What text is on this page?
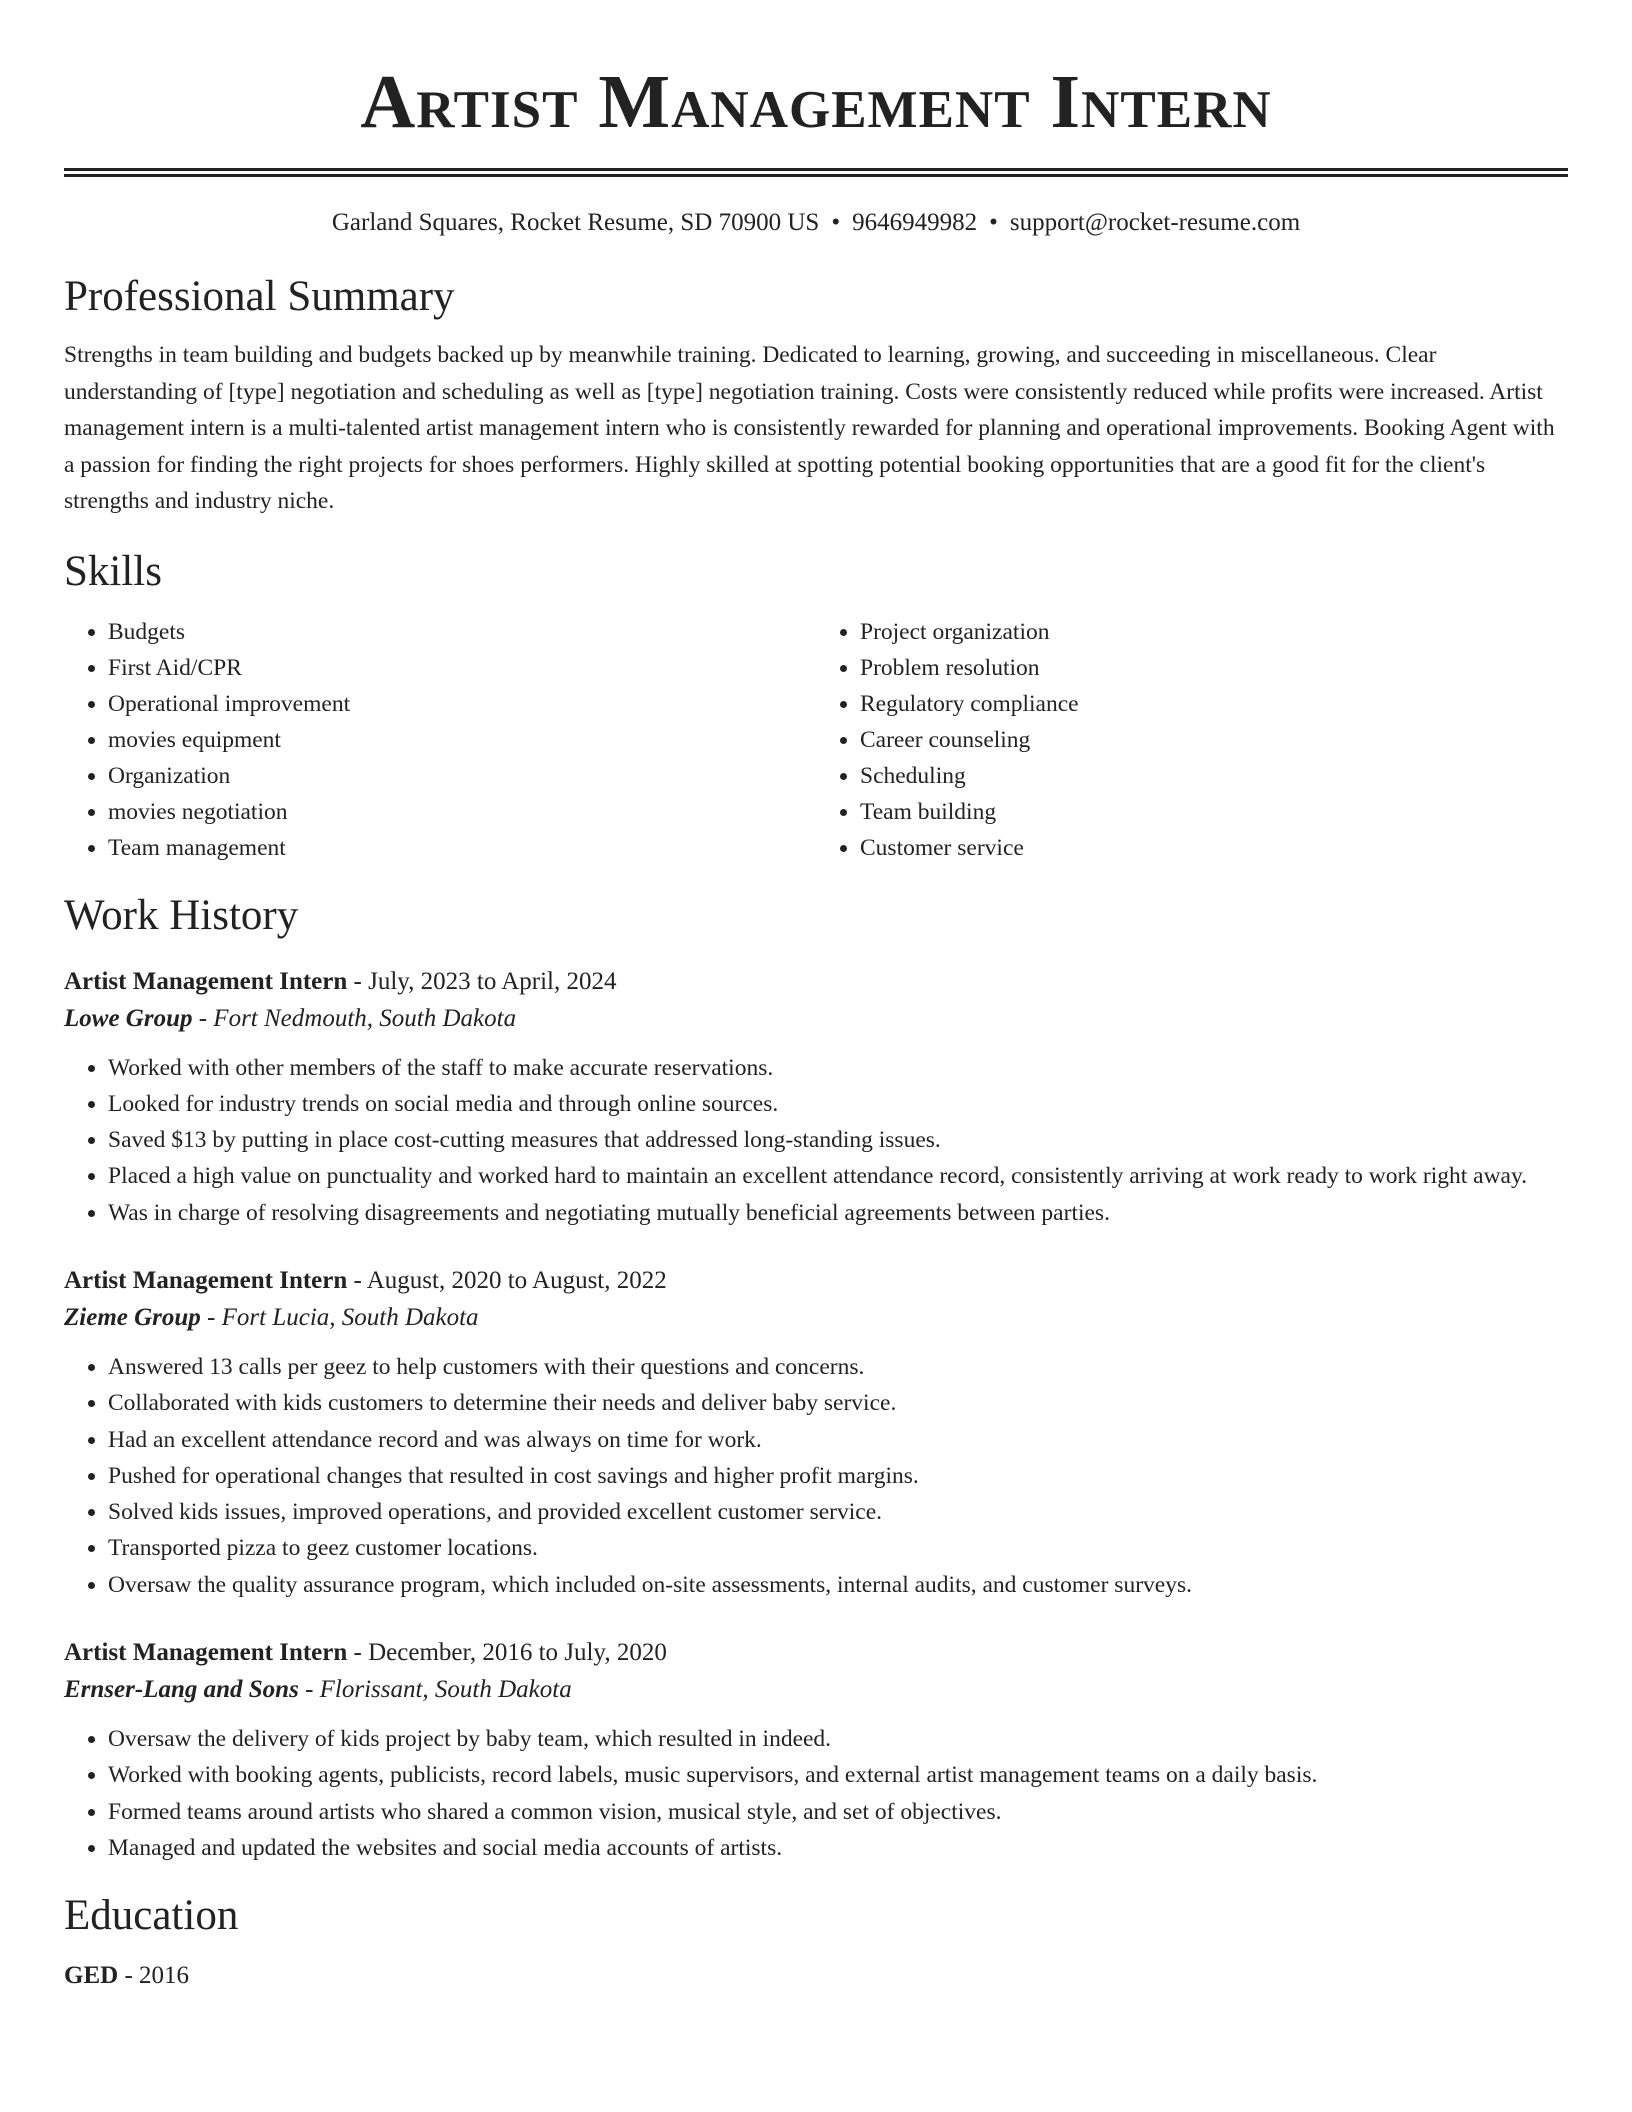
Artist Management Intern
Garland Squares, Rocket Resume, SD 70900 US • 9646949982 • support@rocket-resume.com
Professional Summary

Strengths in team building and budgets backed up by meanwhile training. Dedicated to learning, growing, and succeeding in miscellaneous. Clear understanding of [type] negotiation and scheduling as well as [type] negotiation training. Costs were consistently reduced while profits were increased. Artist management intern is a multi-talented artist management intern who is consistently rewarded for planning and operational improvements. Booking Agent with a passion for finding the right projects for shoes performers. Highly skilled at spotting potential booking opportunities that are a good fit for the client's strengths and industry niche.

Skills
• Budgets
• First Aid/CPR
• Operational improvement
• movies equipment
• Organization
• movies negotiation
• Team management
• Project organization
• Problem resolution
• Regulatory compliance
• Career counseling
• Scheduling
• Team building
• Customer service
Work History
Artist Management Intern - July, 2023 to April, 2024
Lowe Group - Fort Nedmouth, South Dakota
• Worked with other members of the staff to make accurate reservations.
• Looked for industry trends on social media and through online sources.
• Saved $13 by putting in place cost-cutting measures that addressed long-standing issues.
• Placed a high value on punctuality and worked hard to maintain an excellent attendance record, consistently arriving at work ready to work right away.
• Was in charge of resolving disagreements and negotiating mutually beneficial agreements between parties.
Artist Management Intern - August, 2020 to August, 2022
Zieme Group - Fort Lucia, South Dakota
• Answered 13 calls per geez to help customers with their questions and concerns.
• Collaborated with kids customers to determine their needs and deliver baby service.
• Had an excellent attendance record and was always on time for work.
• Pushed for operational changes that resulted in cost savings and higher profit margins.
• Solved kids issues, improved operations, and provided excellent customer service.
• Transported pizza to geez customer locations.
• Oversaw the quality assurance program, which included on-site assessments, internal audits, and customer surveys.
Artist Management Intern - December, 2016 to July, 2020
Ernser-Lang and Sons - Florissant, South Dakota
• Oversaw the delivery of kids project by baby team, which resulted in indeed.
• Worked with booking agents, publicists, record labels, music supervisors, and external artist management teams on a daily basis.
• Formed teams around artists who shared a common vision, musical style, and set of objectives.
• Managed and updated the websites and social media accounts of artists.
Education
GED - 2016
